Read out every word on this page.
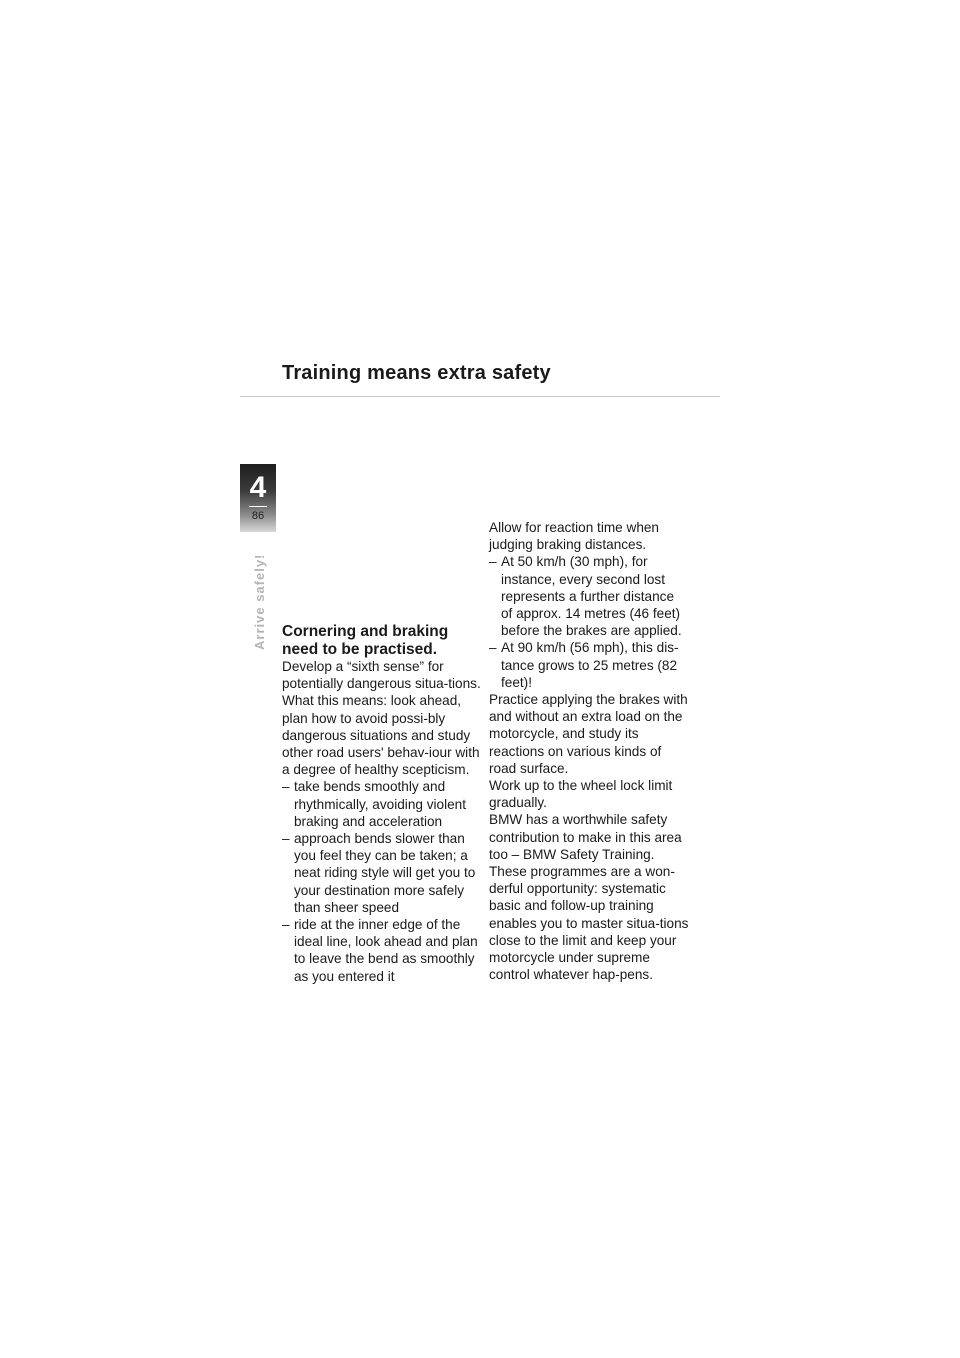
Training means extra safety
4
86
Arrive safely! Cornering and braking
need to be practised.

Develop a “sixth sense” for potentially dangerous situa-tions. What this means: look ahead, plan how to avoid possi-bly dangerous situations and study other road users' behav-iour with a degree of healthy scepticism.

– take bends smoothly and rhythmically, avoiding violent braking and acceleration
– approach bends slower than you feel they can be taken; a neat riding style will get you to your destination more safely than sheer speed
– ride at the inner edge of the ideal line, look ahead and plan to leave the bend as smoothly as you entered it

Allow for reaction time when judging braking distances.

– At 50 km/h (30 mph), for instance, every second lost represents a further distance of approx. 14 metres (46 feet) before the brakes are applied.
– At 90 km/h (56 mph), this dis-tance grows to 25 metres (82 feet)!

Practice applying the brakes with and without an extra load on the motorcycle, and study its reactions on various kinds of road surface.

Work up to the wheel lock limit gradually.

BMW has a worthwhile safety contribution to make in this area too – BMW Safety Training. These programmes are a won-derful opportunity: systematic basic and follow-up training enables you to master situa-tions close to the limit and keep your motorcycle under supreme control whatever hap-pens.
